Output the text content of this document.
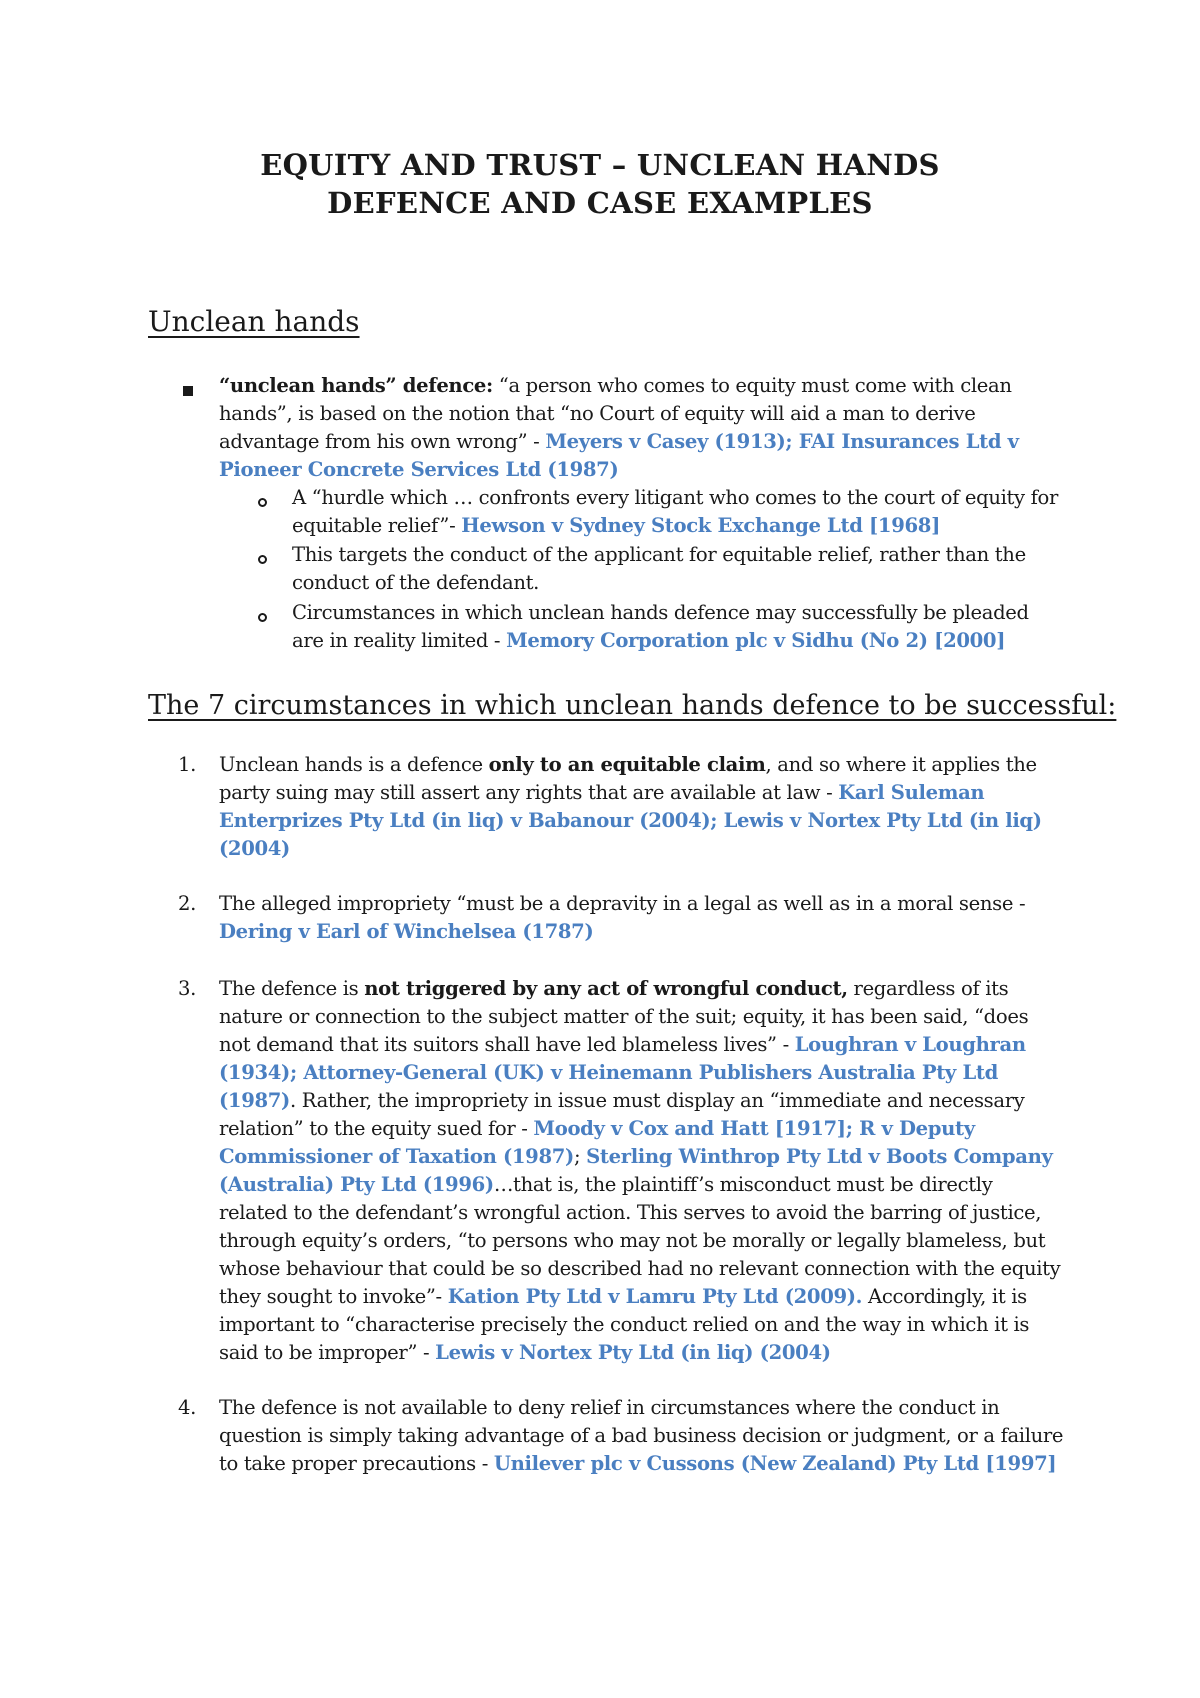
EQUITY AND TRUST – UNCLEAN HANDS
DEFENCE AND CASE EXAMPLES
Unclean hands

“unclean hands” defence: “a person who comes to equity must come with clean hands”, is based on the notion that “no Court of equity will aid a man to derive advantage from his own wrong” - Meyers v Casey (1913); FAI Insurances Ltd v Pioneer Concrete Services Ltd (1987)

A “hurdle which … confronts every litigant who comes to the court of equity for equitable relief”- Hewson v Sydney Stock Exchange Ltd [1968]

This targets the conduct of the applicant for equitable relief, rather than the conduct of the defendant.

Circumstances in which unclean hands defence may successfully be pleaded are in reality limited - Memory Corporation plc v Sidhu (No 2) [2000]

The 7 circumstances in which unclean hands defence to be successful:
1. Unclean hands is a defence only to an equitable claim, and so where it applies the party suing may still assert any rights that are available at law - Karl Suleman Enterprizes Pty Ltd (in liq) v Babanour (2004); Lewis v Nortex Pty Ltd (in liq) (2004)

2. The alleged impropriety “must be a depravity in a legal as well as in a moral sense - Dering v Earl of Winchelsea (1787)

3. The defence is not triggered by any act of wrongful conduct, regardless of its nature or connection to the subject matter of the suit; equity, it has been said, “does not demand that its suitors shall have led blameless lives” - Loughran v Loughran (1934); Attorney-General (UK) v Heinemann Publishers Australia Pty Ltd (1987). Rather, the impropriety in issue must display an “immediate and necessary relation” to the equity sued for - Moody v Cox and Hatt [1917]; R v Deputy Commissioner of Taxation (1987); Sterling Winthrop Pty Ltd v Boots Company (Australia) Pty Ltd (1996)…that is, the plaintiff’s misconduct must be directly related to the defendant’s wrongful action. This serves to avoid the barring of justice, through equity’s orders, “to persons who may not be morally or legally blameless, but whose behaviour that could be so described had no relevant connection with the equity they sought to invoke”- Kation Pty Ltd v Lamru Pty Ltd (2009). Accordingly, it is important to “characterise precisely the conduct relied on and the way in which it is said to be improper” - Lewis v Nortex Pty Ltd (in liq) (2004)

4. The defence is not available to deny relief in circumstances where the conduct in question is simply taking advantage of a bad business decision or judgment, or a failure to take proper precautions - Unilever plc v Cussons (New Zealand) Pty Ltd [1997]
